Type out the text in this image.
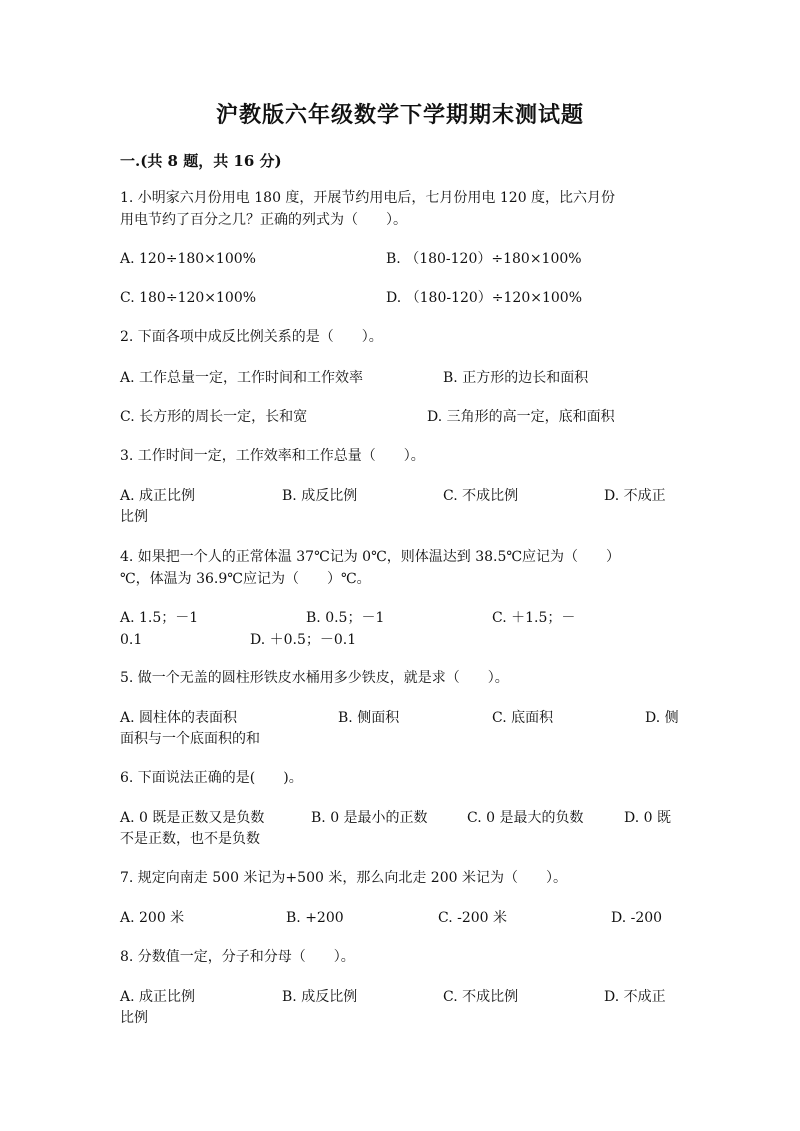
沪教版六年级数学下学期期末测试题
一.(共 8 题，共 16 分)
1. 小明家六月份用电 180 度，开展节约用电后，七月份用电 120 度，比六月份
用电节约了百分之几？正确的列式为（　　）。
A. 120÷180×100%	B. （180-120）÷180×100%
C. 180÷120×100%	D. （180-120）÷120×100%
2. 下面各项中成反比例关系的是（　　）。
A. 工作总量一定，工作时间和工作效率	B. 正方形的边长和面积
C. 长方形的周长一定，长和宽	D. 三角形的高一定，底和面积
3. 工作时间一定，工作效率和工作总量（　　）。
A. 成正比例	B. 成反比例	C. 不成比例	D. 不成正
比例
4. 如果把一个人的正常体温 37℃记为 0℃，则体温达到 38.5℃应记为（　　）
℃，体温为 36.9℃应记为（　　）℃。
A. 1.5；－1	B. 0.5；－1	C. ＋1.5；－
0.1	D. ＋0.5；－0.1
5. 做一个无盖的圆柱形铁皮水桶用多少铁皮，就是求（　　）。
A. 圆柱体的表面积	B. 侧面积	C. 底面积	D. 侧
面积与一个底面积的和
6. 下面说法正确的是(　　)。
A. 0 既是正数又是负数	B. 0 是最小的正数	C. 0 是最大的负数	D. 0 既
不是正数，也不是负数
7. 规定向南走 500 米记为+500 米，那么向北走 200 米记为（　　）。
A. 200 米	B. +200	C. -200 米	D. -200
8. 分数值一定，分子和分母（　　）。
A. 成正比例	B. 成反比例	C. 不成比例	D. 不成正
比例
